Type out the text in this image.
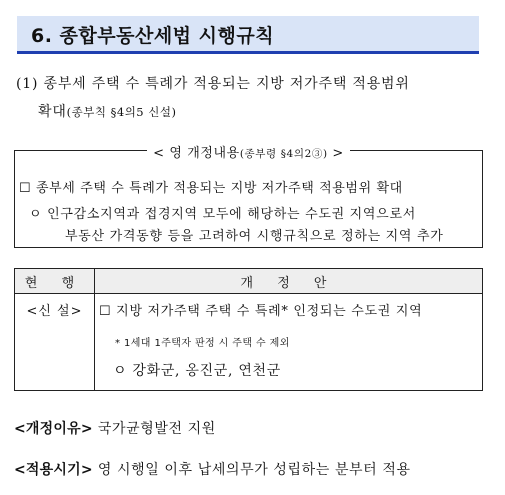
6. 종합부동산세법 시행규칙
(1) 종부세 주택 수 특례가 적용되는 지방 저가주택 적용범위
확대(종부칙 §4의5 신설)
< 영 개정내용(종부령 §4의2③) >
☐ 종부세 주택 수 특례가 적용되는 지방 저가주택 적용범위 확대
ㅇ 인구감소지역과 접경지역 모두에 해당하는 수도권 지역으로서
부동산 가격동향 등을 고려하여 시행규칙으로 정하는 지역 추가
현 행	개 정 안
<신 설>	☐ 지방 저가주택 주택 수 특례* 인정되는 수도권 지역
* 1세대 1주택자 판정 시 주택 수 제외
ㅇ 강화군, 옹진군, 연천군
<개정이유> 국가균형발전 지원
<적용시기> 영 시행일 이후 납세의무가 성립하는 분부터 적용
